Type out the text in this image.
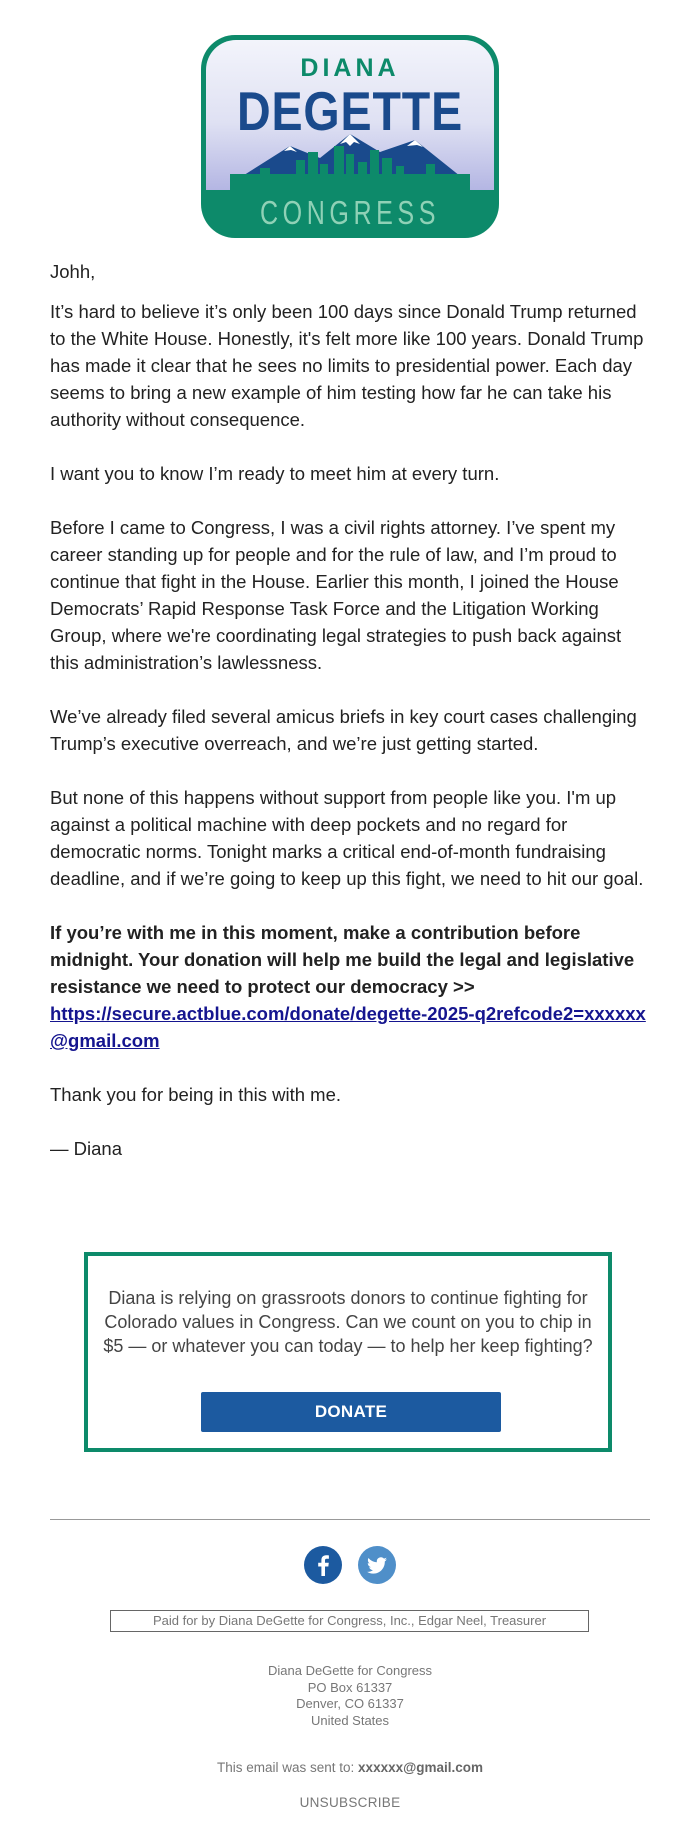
DIANA
DEGETTE
CONGRESS

Johh,

It’s hard to believe it’s only been 100 days since Donald Trump returned to the White House. Honestly, it's felt more like 100 years. Donald Trump has made it clear that he sees no limits to presidential power. Each day seems to bring a new example of him testing how far he can take his authority without consequence.

I want you to know I’m ready to meet him at every turn.

Before I came to Congress, I was a civil rights attorney. I’ve spent my career standing up for people and for the rule of law, and I’m proud to continue that fight in the House. Earlier this month, I joined the House Democrats’ Rapid Response Task Force and the Litigation Working Group, where we're coordinating legal strategies to push back against this administration’s lawlessness.

We’ve already filed several amicus briefs in key court cases challenging Trump’s executive overreach, and we’re just getting started.

But none of this happens without support from people like you. I'm up against a political machine with deep pockets and no regard for democratic norms. Tonight marks a critical end-of-month fundraising deadline, and if we’re going to keep up this fight, we need to hit our goal.

If you’re with me in this moment, make a contribution before midnight. Your donation will help me build the legal and legislative resistance we need to protect our democracy >>
https://secure.actblue.com/donate/degette-2025-q2refcode2=xxxxxx@gmail.com

Thank you for being in this with me.

— Diana

Diana is relying on grassroots donors to continue fighting for Colorado values in Congress. Can we count on you to chip in $5 — or whatever you can today — to help her keep fighting?
DONATE
Paid for by Diana DeGette for Congress, Inc., Edgar Neel, Treasurer
Diana DeGette for Congress
PO Box 61337
Denver, CO 61337
United States
This email was sent to: xxxxxx@gmail.com
UNSUBSCRIBE
